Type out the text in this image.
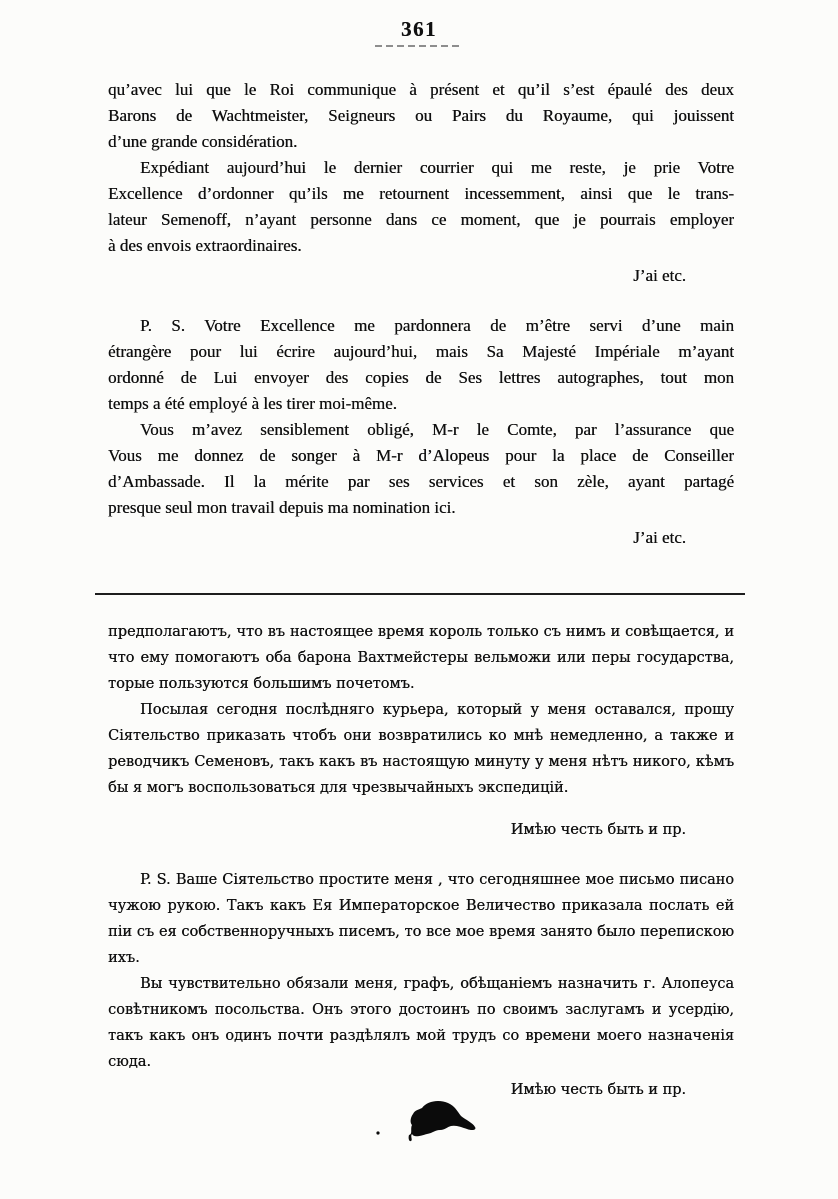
361

qu’avec lui que le Roi communique à présent et qu’il s’est épaulé des deux
Barons de Wachtmeister, Seigneurs ou Pairs du Royaume, qui jouissent
d’une grande considération.

Expédiant aujourd’hui le dernier courrier qui me reste, je prie Votre
Excellence d’ordonner qu’ils me retournent incessemment, ainsi que le trans-
lateur Semenoff, n’ayant personne dans ce moment, que je pourrais employer
à des envois extraordinaires.

J’ai etc.

P. S. Votre Excellence me pardonnera de m’être servi d’une main
étrangère pour lui écrire aujourd’hui, mais Sa Majesté Impériale m’ayant
ordonné de Lui envoyer des copies de Ses lettres autographes, tout mon
temps a été employé à les tirer moi-même.

Vous m’avez sensiblement obligé, M-r le Comte, par l’assurance que
Vous me donnez de songer à M-r d’Alopeus pour la place de Conseiller
d’Ambassade. Il la mérite par ses services et son zèle, ayant partagé
presque seul mon travail depuis ma nomination ici.

J’ai etc.

предполагаютъ, что въ настоящее время король только съ нимъ и совѣщается, и
что ему помогаютъ оба барона Вахтмейстеры вельможи или перы государства,
торые пользуются большимъ почетомъ.

Посылая сегодня послѣдняго курьера, который у меня оставался, прошу
Сіятельство приказать чтобъ они возвратились ко мнѣ немедленно, а также и
реводчикъ Семеновъ, такъ какъ въ настоящую минуту у меня нѣтъ никого, кѣмъ
бы я могъ воспользоваться для чрезвычайныхъ экспедицій.

Имѣю честь быть и пр.

P. S. Ваше Сіятельство простите меня , что сегодняшнее мое письмо писано
чужою рукою. Такъ какъ Ея Императорское Величество приказала послать ей
піи съ ея собственноручныхъ писемъ, то все мое время занято было перепискою
ихъ.

Вы чувствительно обязали меня, графъ, обѣщаніемъ назначить г. Алопеуса
совѣтникомъ посольства. Онъ этого достоинъ по своимъ заслугамъ и усердію,
такъ какъ онъ одинъ почти раздѣлялъ мой трудъ со времени моего назначенія
сюда.

Имѣю честь быть и пр.
